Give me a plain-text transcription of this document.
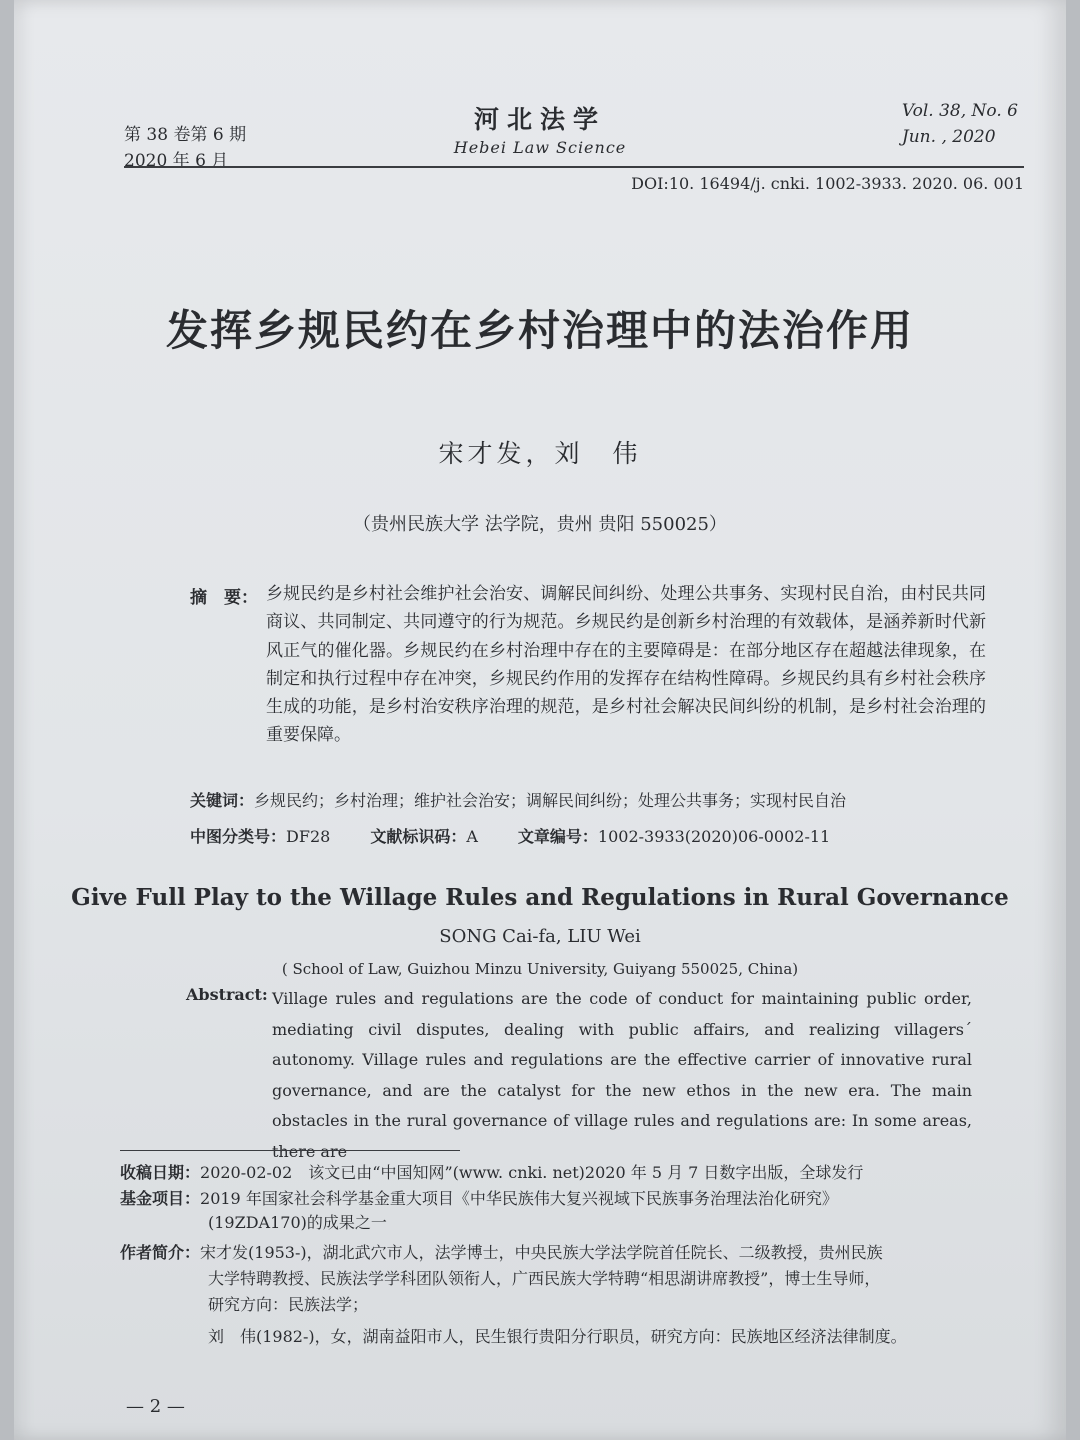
第 38 卷第 6 期
2020 年 6 月
河北法学
Hebei Law Science
Vol. 38, No. 6
Jun. , 2020
DOI:10. 16494/j. cnki. 1002-3933. 2020. 06. 001
发挥乡规民约在乡村治理中的法治作用
宋才发，刘　伟
（贵州民族大学 法学院，贵州 贵阳 550025）
摘　要： 乡规民约是乡村社会维护社会治安、调解民间纠纷、处理公共事务、实现村民自治，由村民共同商议、共同制定、共同遵守的行为规范。乡规民约是创新乡村治理的有效载体，是涵养新时代新风正气的催化器。乡规民约在乡村治理中存在的主要障碍是：在部分地区存在超越法律现象，在制定和执行过程中存在冲突，乡规民约作用的发挥存在结构性障碍。乡规民约具有乡村社会秩序生成的功能，是乡村治安秩序治理的规范，是乡村社会解决民间纠纷的机制，是乡村社会治理的重要保障。
关键词：乡规民约；乡村治理；维护社会治安；调解民间纠纷；处理公共事务；实现村民自治
中图分类号：DF28	文献标识码：A	文章编号：1002-3933(2020)06-0002-11
Give Full Play to the Willage Rules and Regulations in Rural Governance
SONG Cai-fa, LIU Wei
( School of Law, Guizhou Minzu University, Guiyang 550025, China)
Abstract: Village rules and regulations are the code of conduct for maintaining public order, mediating civil disputes, dealing with public affairs, and realizing villagers´ autonomy. Village rules and regulations are the effective carrier of innovative rural governance, and are the catalyst for the new ethos in the new era. The main obstacles in the rural governance of village rules and regulations are: In some areas, there are
收稿日期：2020-02-02　该文已由“中国知网”(www. cnki. net)2020 年 5 月 7 日数字出版，全球发行
基金项目：2019 年国家社会科学基金重大项目《中华民族伟大复兴视域下民族事务治理法治化研究》
(19ZDA170)的成果之一
作者简介：宋才发(1953-)，湖北武穴市人，法学博士，中央民族大学法学院首任院长、二级教授，贵州民族
大学特聘教授、民族法学学科团队领衔人，广西民族大学特聘“相思湖讲席教授”，博士生导师，
研究方向：民族法学；
刘　伟(1982-)，女，湖南益阳市人，民生银行贵阳分行职员，研究方向：民族地区经济法律制度。
— 2 —
